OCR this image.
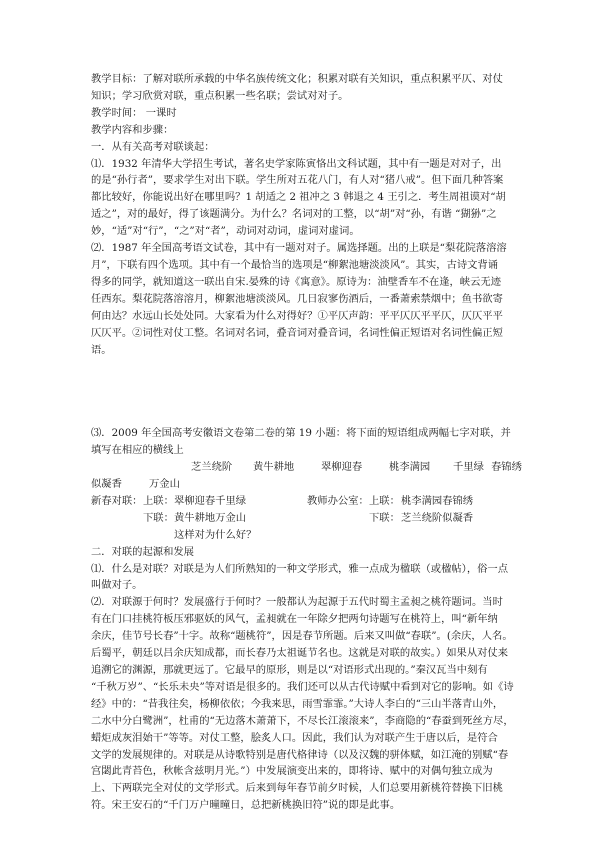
教学目标：了解对联所承载的中华名族传统文化；积累对联有关知识，重点积累平仄、对仗
知识；学习欣赏对联，重点积累一些名联；尝试对对子。
教学时间： 一课时
教学内容和步骤：
一．从有关高考对联谈起：
⑴．1932 年清华大学招生考试，著名史学家陈寅恪出文科试题，其中有一题是对对子，出
的是“孙行者”，要求学生对出下联。学生所对五花八门，有人对“猪八戒”。但下面几种答案
都比较好，你能说出好在哪里吗？1 胡适之 2 祖冲之 3 韩退之 4 王引之．考生周祖谟对“胡
适之”，对的最好，得了该题满分。为什么？名词对的工整，以“胡”对“孙，有谐 “猢狲”之
妙，“适”对“行”，“之”对“者”，动词对动词，虚词对虚词。
⑵．1987 年全国高考语文试卷，其中有一题对对子。属选择题。出的上联是“梨花院落溶溶
月”，下联有四个选项。其中有一个最恰当的选项是“柳絮池塘淡淡风”。其实，古诗文背诵
得多的同学，就知道这一联出自宋.晏殊的诗《寓意》。原诗为：油壁香车不在逢，峡云无迹
任西东。梨花院落溶溶月，柳絮池塘淡淡风。几日寂寥伤酒后，一番萧索禁烟中；鱼书欲寄
何由达？水远山长处处同。大家看为什么对得好？①平仄声韵：平平仄仄平平仄，仄仄平平
仄仄平。②词性对仗工整。名词对名词，叠音词对叠音词，名词性偏正短语对名词性偏正短
语。
⑶．2009 年全国高考安徽语文卷第二卷的第 19 小题：将下面的短语组成两幅七字对联，并
填写在相应的横线上
芝兰绕阶 黄牛耕地	翠柳迎春	桃李满园 千里绿 春锦绣
似凝香	万金山
新春对联： 上联： 翠柳迎春千里绿	教师办公室： 上联： 桃李满园春锦绣
下联： 黄牛耕地万金山	下联： 芝兰绕阶似凝香
这样对为什么好？
二．对联的起源和发展
⑴．什么是对联？对联是为人们所熟知的一种文学形式，雅一点成为楹联（或楹帖），俗一点
叫做对子。
⑵．对联源于何时？发展盛行于何时？一般都认为起源于五代时蜀主孟昶之桃符题词。当时
有在门口挂桃符板压邪驱妖的风气，孟昶就在一年除夕把两句诗题写在桃符上，叫“新年纳
余庆，佳节号长春”十字。故称“题桃符”，因是春节所题。后来又叫做“春联”。(余庆，人名。
后蜀平，朝廷以吕余庆知成都，而长春乃太祖诞节名也。这就是对联的故实。）如果从对仗来
追溯它的渊源，那就更远了。它最早的原形，则是以“对语形式出现的。”秦汉瓦当中刻有
“千秋万岁”、“长乐未央”等对语是很多的。我们还可以从古代诗赋中看到对它的影响。如《诗
经》中的：“昔我往矣，杨柳依依；今我来思，雨雪霏霏。”大诗人李白的“三山半落青山外，
二水中分白鹭洲”，杜甫的“无边落木萧萧下，不尽长江滚滚来”，李商隐的“春蚕到死丝方尽，
蜡炬成灰泪始干”等等。对仗工整，脍炙人口。因此，我们认为对联产生于唐以后，是符合
文学的发展规律的。对联是从诗歌特别是唐代格律诗（以及汉魏的骈体赋，如江淹的别赋“春
宫閟此青苔色，秋帐含兹明月光。”）中发展演变出来的，即将诗、赋中的对偶句独立成为
上、下两联完全对仗的文学形式。后来到每年春节前夕时候，人们总要用新桃符替换下旧桃
符。宋王安石的“千门万户曈曈日，总把新桃换旧符”说的即是此事。
